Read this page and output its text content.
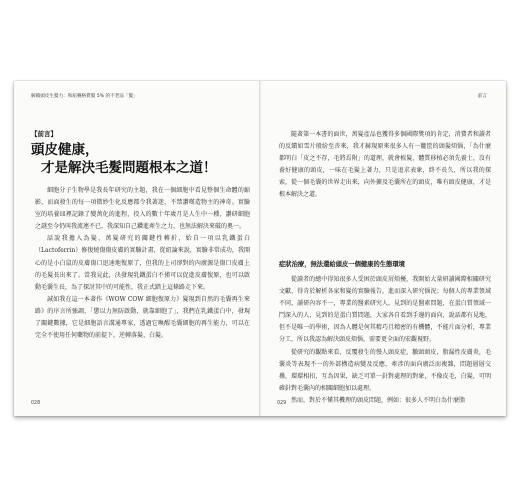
解鎖頭皮生髮力：和紐賽格費髮 5% 的不老法「髮」
【前言】
頭皮健康，
才是解決毛髮問題根本之道！

細胞分子生物學是我長年研究的主題，我在一個細胞中看見整個生命體的縮影，而面發生的每一項微妙生化反應都令我著迷，不禁讚嘆造物主的神奇。實驗室的培養皿裡記錄了變萬化的進程，投入的數十年歲月是人生中一種，讚研細胞之謎至今仍叫我流連不已，我深知自己鑽進牽生之力，也無法解決來破的奧一。

話說我擔入為髮，萬髮研究的關鍵性轉折，始自一項以乳鐵蛋白（Lactoferrin）修復燒傷傷皮膚的實驗計畫，從紐論來說，實驗非常成功，我開心的是小白鼠的皮膚傷口迅速地復原了，但我的上司卻對的內廣源是傷口皮膚上的毛髮長出來了。當我見此，決發現乳鐵蛋白不僅可以促進皮膚復原，也可以啟動毛囊生長，為了探討其中的可能性，我正式踏上這條路走下來。

誠如我在這一本著作《WOW COW 細胞復原力》髮現到自然的毛囊再生來路》的序言所強調，「懲以力無防啟動，就靠細胞了」，我們在乳鐵蛋白中，發現了關鍵數據，它是細胞語言溝通專家，透過它喚醒毛囊細胞的再生能力，可以在完全不使用任何藥物的前提下，逆轉落髮、白髮。

028
前言

隨著第一本書的面世，萬髮產品也獲得多個國際獎項的肯定，消費者和讀者的反饋如雪片般紛至沓來，我才赫現原來很多人有一籮筐的頭髮煩惱，「為什麼都明白「皮之不存，毛將焉附」的道理，就會植髮、體質移植必須先養土，沒有養好健康的頭皮，一味在毛髮上著力，只是追求表象，終不長久，所以我的探索，從一個毛囊的世界走出來，向外擴及毛囊所在的頭皮，唯有頭皮健康，才是根本解決之道。

症狀治療，無法還給頭皮一個健康的生態環境

從讀者的總中得知很多人受困於頭皮屑煩擾，我開始大量研讀國際相關研究文獻，得肯於解析各家和髮的實驗報告，進而深入研究惱況；每個人的專業領域不同，讀研內容不一，專業的醫素研究人，見到的是醫素問題，在蛋白質領域一鬥深入的人，見到的是蛋白質問題，大家各自看到手邊的面向，說話都有見地，但不是唯一的學術，因為人體是何其精巧且精密的有機體，不能片面分析，專業分工，所以我認為解決頭皮煩惱，需要更全面的宏觀視野。

從研究的觀點來看，反覆發生的慢人頭皮症，皺頭頭皮，脂漏性皮膚炎，毛囊炎等表現不一的外部構造病變及反應，牽涉的面向廣泛而複雜，問題層層交疊，環環相扣，互為因果，缺乏可單一針對處理的對象，不像皮毛，白髮，可明確針對毛囊內的相關細胞加以處理。

然而，對於不懂其機理的頭皮問題，例如：很多人不明白為什麼脂

029
